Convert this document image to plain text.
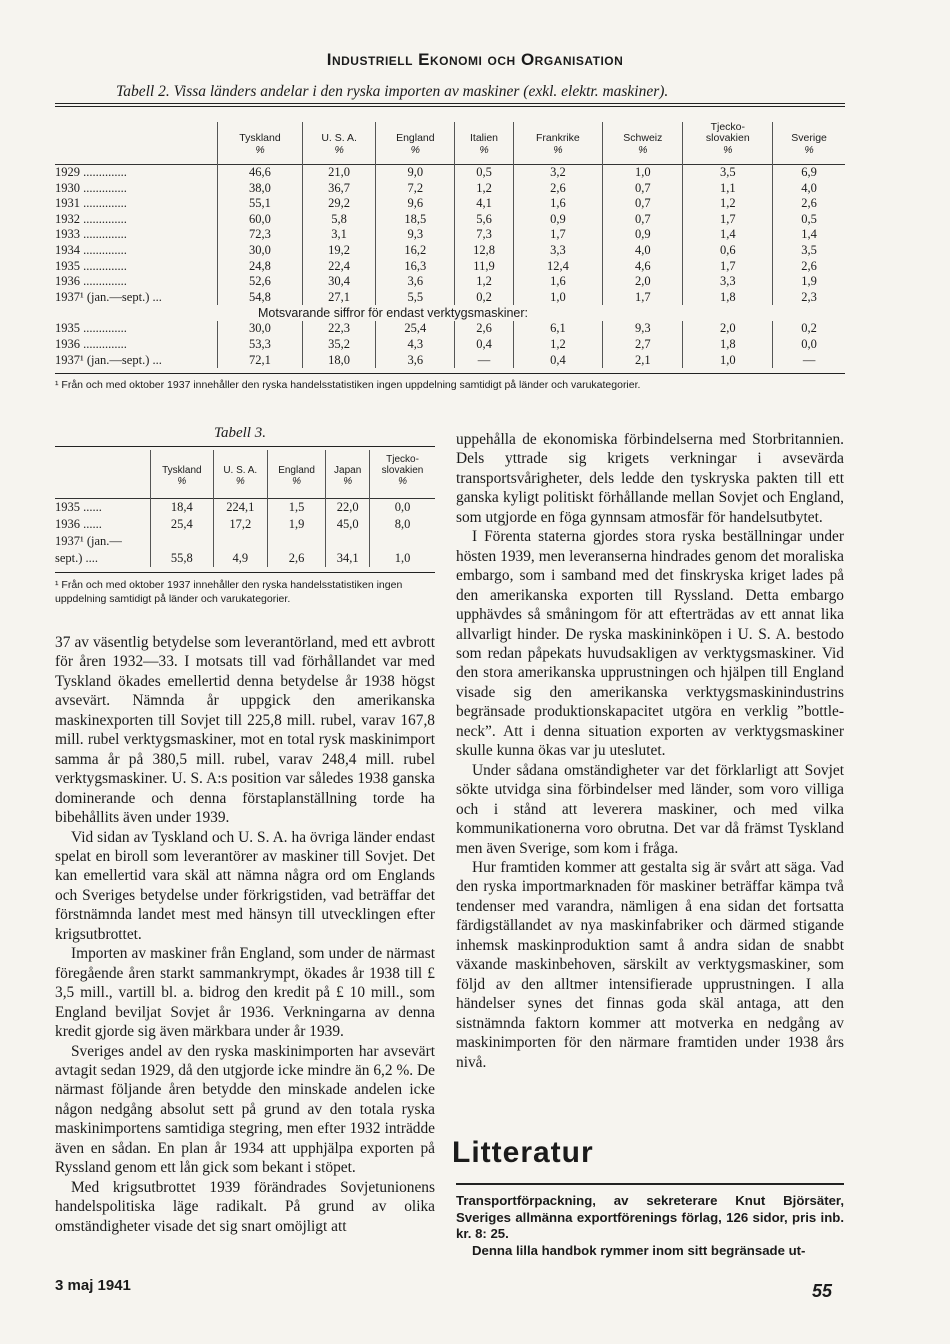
Industriell Ekonomi och Organisation
Tabell 2. Vissa länders andelar i den ryska importen av maskiner (exkl. elektr. maskiner).
	Tyskland	U. S. A.	England	Italien	Frankrike	Schweiz	Tjecko-
slovakien	Sverige
	%	%	%	%	%	%	%	%
1929 ..............	46,6	21,0	9,0	0,5	3,2	1,0	3,5	6,9
1930 ..............	38,0	36,7	7,2	1,2	2,6	0,7	1,1	4,0
1931 ..............	55,1	29,2	9,6	4,1	1,6	0,7	1,2	2,6
1932 ..............	60,0	5,8	18,5	5,6	0,9	0,7	1,7	0,5
1933 ..............	72,3	3,1	9,3	7,3	1,7	0,9	1,4	1,4
1934 ..............	30,0	19,2	16,2	12,8	3,3	4,0	0,6	3,5
1935 ..............	24,8	22,4	16,3	11,9	12,4	4,6	1,7	2,6
1936 ..............	52,6	30,4	3,6	1,2	1,6	2,0	3,3	1,9
1937¹ (jan.—sept.) ...	54,8	27,1	5,5	0,2	1,0	1,7	1,8	2,3
Motsvarande siffror för endast verktygsmaskiner:								
1935 ..............	30,0	22,3	25,4	2,6	6,1	9,3	2,0	0,2
1936 ..............	53,3	35,2	4,3	0,4	1,2	2,7	1,8	0,0
1937¹ (jan.—sept.) ...	72,1	18,0	3,6	—	0,4	2,1	1,0	—
¹ Från och med oktober 1937 innehåller den ryska handelsstatistiken ingen uppdelning samtidigt på länder och varukategorier.
Tabell 3.
	Tyskland	U. S. A.	England	Japan	Tjecko-
slovakien
	%	%	%	%	%
1935 ......	18,4	224,1	1,5	22,0	0,0
1936 ......	25,4	17,2	1,9	45,0	8,0
1937¹ (jan.—					
sept.) ....	55,8	4,9	2,6	34,1	1,0
¹ Från och med oktober 1937 innehåller den ryska handelsstatistiken ingen uppdelning samtidigt på länder och varukategorier.

37 av väsentlig betydelse som leverantörland, med ett avbrott för åren 1932—33. I motsats till vad förhållandet var med Tyskland ökades emellertid denna betydelse år 1938 högst avsevärt. Nämnda år uppgick den amerikanska maskinexporten till Sovjet till 225,8 mill. rubel, varav 167,8 mill. rubel verktygsmaskiner, mot en total rysk maskinimport samma år på 380,5 mill. rubel, varav 248,4 mill. rubel verktygsmaskiner. U. S. A:s position var således 1938 ganska dominerande och denna förstaplanställning torde ha bibehållits även under 1939.

Vid sidan av Tyskland och U. S. A. ha övriga länder endast spelat en biroll som leverantörer av maskiner till Sovjet. Det kan emellertid vara skäl att nämna några ord om Englands och Sveriges betydelse under förkrigstiden, vad beträffar det förstnämnda landet mest med hänsyn till utvecklingen efter krigsutbrottet.

Importen av maskiner från England, som under de närmast föregående åren starkt sammankrympt, ökades år 1938 till £ 3,5 mill., vartill bl. a. bidrog den kredit på £ 10 mill., som England beviljat Sovjet år 1936. Verkningarna av denna kredit gjorde sig även märkbara under år 1939.

Sveriges andel av den ryska maskinimporten har avsevärt avtagit sedan 1929, då den utgjorde icke mindre än 6,2 %. De närmast följande åren betydde den minskade andelen icke någon nedgång absolut sett på grund av den totala ryska maskinimportens samtidiga stegring, men efter 1932 inträdde även en sådan. En plan år 1934 att upphjälpa exporten på Ryssland genom ett lån gick som bekant i stöpet.

Med krigsutbrottet 1939 förändrades Sovjetunionens handelspolitiska läge radikalt. På grund av olika omständigheter visade det sig snart omöjligt att

uppehålla de ekonomiska förbindelserna med Storbritannien. Dels yttrade sig krigets verkningar i avsevärda transportsvårigheter, dels ledde den tyskryska pakten till ett ganska kyligt politiskt förhållande mellan Sovjet och England, som utgjorde en föga gynnsam atmosfär för handelsutbytet.

I Förenta staterna gjordes stora ryska beställningar under hösten 1939, men leveranserna hindrades genom det moraliska embargo, som i samband med det finskryska kriget lades på den amerikanska exporten till Ryssland. Detta embargo upphävdes så småningom för att efterträdas av ett annat lika allvarligt hinder. De ryska maskininköpen i U. S. A. bestodo som redan påpekats huvudsakligen av verktygsmaskiner. Vid den stora amerikanska upprustningen och hjälpen till England visade sig den amerikanska verktygsmaskinindustrins begränsade produktionskapacitet utgöra en verklig ”bottle-neck”. Att i denna situation exporten av verktygsmaskiner skulle kunna ökas var ju uteslutet.

Under sådana omständigheter var det förklarligt att Sovjet sökte utvidga sina förbindelser med länder, som voro villiga och i stånd att leverera maskiner, och med vilka kommunikationerna voro obrutna. Det var då främst Tyskland men även Sverige, som kom i fråga.

Hur framtiden kommer att gestalta sig är svårt att säga. Vad den ryska importmarknaden för maskiner beträffar kämpa två tendenser med varandra, nämligen å ena sidan det fortsatta färdigställandet av nya maskinfabriker och därmed stigande inhemsk maskinproduktion samt å andra sidan de snabbt växande maskinbehoven, särskilt av verktygsmaskiner, som följd av den alltmer intensifierade upprustningen. I alla händelser synes det finnas goda skäl antaga, att den sistnämnda faktorn kommer att motverka en nedgång av maskinimporten för den närmare framtiden under 1938 års nivå.

Litteratur

Transportförpackning, av sekreterare Knut Björsäter, Sveriges allmänna exportförenings förlag, 126 sidor, pris inb. kr. 8: 25.

Denna lilla handbok rymmer inom sitt begränsade ut-

3 maj 1941	55
